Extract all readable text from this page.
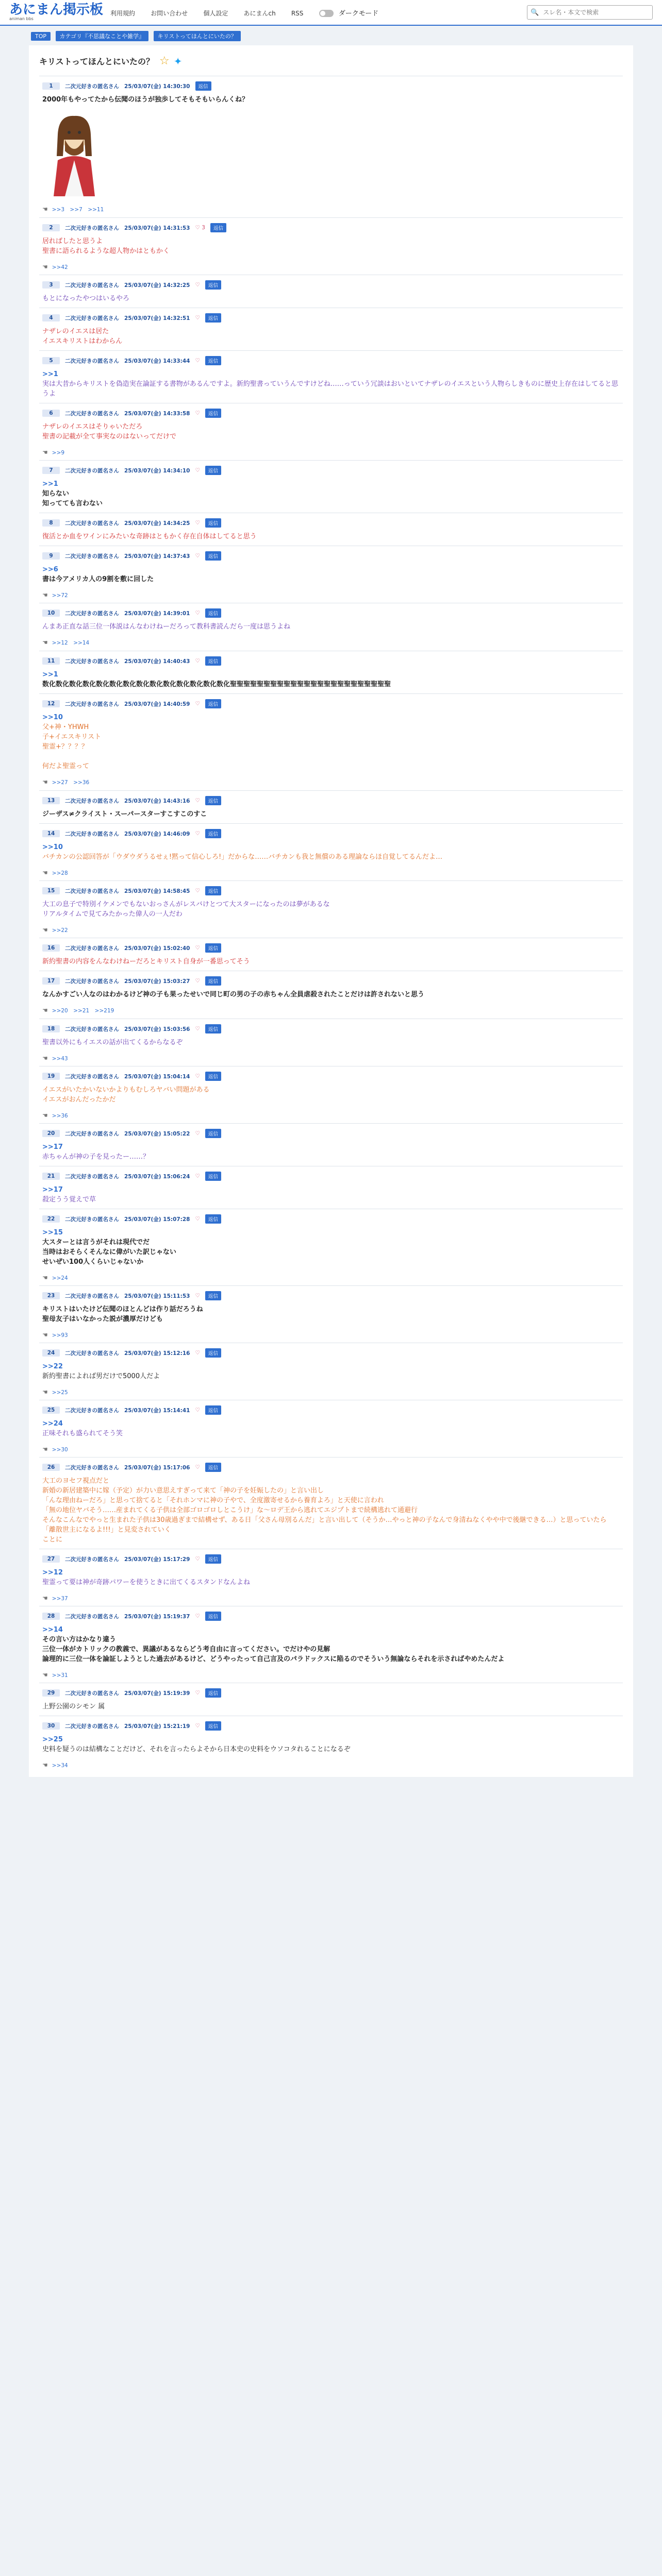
あにまん掲示板
animan bbs
利用規約	お問い合わせ	個人設定	あにまんch	RSS	ダークモード	🔍
スレ名・本文で検索
TOP カテゴリ『不思議なことや雑学』 キリストってほんとにいたの？
キリストってほんとにいたの？ ☆ ✦
1	二次元好きの匿名さん 25/03/07(金) 14:30:30	返信
2000年もやってたから伝聞のほうが独歩してそもそもいらんくね？
☚ >>3　>>7　>>11
2	二次元好きの匿名さん 25/03/07(金) 14:31:53 ♡ 3	返信
居ればしたと思うよ
聖書に語られるような超人物かはともかく
☚ >>42
3	二次元好きの匿名さん 25/03/07(金) 14:32:25 ♡	返信
もとになったやつはいるやろ
4	二次元好きの匿名さん 25/03/07(金) 14:32:51 ♡	返信
ナザレのイエスは居た
イエスキリストはわからん
5	二次元好きの匿名さん 25/03/07(金) 14:33:44 ♡	返信
>>1
実は大昔からキリストを偽造実在論証する書物があるんですよ。新約聖書っていうんですけどね……っていう冗談はおいといてナザレのイエスという人物らしきものに歴史上存在はしてると思うよ
6	二次元好きの匿名さん 25/03/07(金) 14:33:58 ♡	返信
ナザレのイエスはそりゃいただろ
聖書の記載が全て事実なのはないってだけで
☚ >>9
7	二次元好きの匿名さん 25/03/07(金) 14:34:10 ♡	返信
>>1
知らない
知ってても言わない
8	二次元好きの匿名さん 25/03/07(金) 14:34:25 ♡	返信
復活とか血をワインにみたいな奇跡はともかく存在自体はしてると思う
9	二次元好きの匿名さん 25/03/07(金) 14:37:43 ♡	返信
>>6
書は今アメリカ人の9割を敷に回した
☚ >>72
10	二次元好きの匿名さん 25/03/07(金) 14:39:01 ♡	返信
んまあ正直な話三位一体説はんなわけねーだろって教科書読んだら一度は思うよね
☚ >>12　>>14
11	二次元好きの匿名さん 25/03/07(金) 14:40:43 ♡	返信
>>1
数化数化数化数化数化数化数化数化数化数化数化数化数化数化聖聖聖聖聖聖聖聖聖聖聖聖聖聖聖聖聖聖聖聖聖聖聖聖
12	二次元好きの匿名さん 25/03/07(金) 14:40:59 ♡	返信
>>10
父+神・YHWH
子+イエスキリスト
聖霊+？？？？

何だよ聖霊って
☚ >>27　>>36
13	二次元好きの匿名さん 25/03/07(金) 14:43:16 ♡	返信
ジーザス≠クライスト・スーパースターすこすこのすこ
14	二次元好きの匿名さん 25/03/07(金) 14:46:09 ♡	返信
>>10
バチカンの公認回答が「ウダウダうるせぇ!黙って信心しろ!」だからな……バチカンも我と無償のある理論ならほ自覚してるんだよ…
☚ >>28
15	二次元好きの匿名さん 25/03/07(金) 14:58:45 ♡	返信
大工の息子で特別イケメンでもないおっさんがレスバけとつて大スターになったのは夢があるな
リアルタイムで見てみたかった偉人の一人だわ
☚ >>22
16	二次元好きの匿名さん 25/03/07(金) 15:02:40 ♡	返信
新約聖書の内容をんなわけねーだろとキリスト自身が一番思ってそう
17	二次元好きの匿名さん 25/03/07(金) 15:03:27 ♡	返信
なんかすごい人なのはわかるけど神の子も果ったせいで同じ町の男の子の赤ちゃん全員虐殺されたことだけは許されないと思う
☚ >>20　>>21　>>219
18	二次元好きの匿名さん 25/03/07(金) 15:03:56 ♡	返信
聖書以外にもイエスの話が出てくるからなるぞ
☚ >>43
19	二次元好きの匿名さん 25/03/07(金) 15:04:14 ♡	返信
イエスがいたかいないかよりもむしろヤバい問題がある
イエスがおんだったかだ
☚ >>36
20	二次元好きの匿名さん 25/03/07(金) 15:05:22 ♡	返信
>>17
赤ちゃんが神の子を見ったー……？
21	二次元好きの匿名さん 25/03/07(金) 15:06:24 ♡	返信
>>17
殺定うう覚えで草
22	二次元好きの匿名さん 25/03/07(金) 15:07:28 ♡	返信
>>15
大スターとは言うがそれは現代でだ
当時はおそらくそんなに偉がいた訳じゃない
せいぜい100人くらいじゃないか
☚ >>24
23	二次元好きの匿名さん 25/03/07(金) 15:11:53 ♡	返信
キリストはいたけど伝聞のほとんどは作り話だろうね
聖母友子はいなかった説が濃厚だけども
☚ >>93
24	二次元好きの匿名さん 25/03/07(金) 15:12:16 ♡	返信
>>22
新約聖書によれば男だけで5000人だよ
☚ >>25
25	二次元好きの匿名さん 25/03/07(金) 15:14:41 ♡	返信
>>24
正味それも盛られてそう笑
☚ >>30
26	二次元好きの匿名さん 25/03/07(金) 15:17:06 ♡	返信
大工のヨセフ視点だと
新婚の新居建築中に嫁（予定）が力い意思えすぎって来て「神の子を妊娠したの」と言い出し
「んな理由ねーだろ」と思って捨てると「それホンマに神の子やで、全度激寄せるから養育よろ」と天使に言われ
「無の地位ヤバそう……産まれてくる子供は全部ゴロゴロしとこうけ」な〜ロデ王から逃れてエジプトまで続構逃れて通避行
そんなこんなでやっと生まれた子供は30歳過ぎまで結構せず、ある日「父さん母別るんだ」と言い出して（そうか…やっと神の子なんで身清ねなくやや中で後継できる…）と思っていたら「離散世主になるよ!!!」と見変されていく
ことに
27	二次元好きの匿名さん 25/03/07(金) 15:17:29 ♡	返信
>>12
聖霊って要は神が奇跡パワーを使うときに出てくるスタンドなんよね
☚ >>37
28	二次元好きの匿名さん 25/03/07(金) 15:19:37 ♡	返信
>>14
その言い方はかなり違う
三位一体がカトリックの教義で、異議があるならどう考自由に言ってください。でだけやの見解
論理的に三位一体を論証しようとした過去があるけど、どうやったって自己言及のパラドックスに陥るのでそういう無論ならそれを示さればやめたんだよ
☚ >>31
29	二次元好きの匿名さん 25/03/07(金) 15:19:39 ♡	返信
上野公園のシモン 属
30	二次元好きの匿名さん 25/03/07(金) 15:21:19 ♡	返信
>>25
史料を疑うのは結構なことだけど、それを言ったらよそから日本史の史料をウソコタれることになるぞ
☚ >>34
